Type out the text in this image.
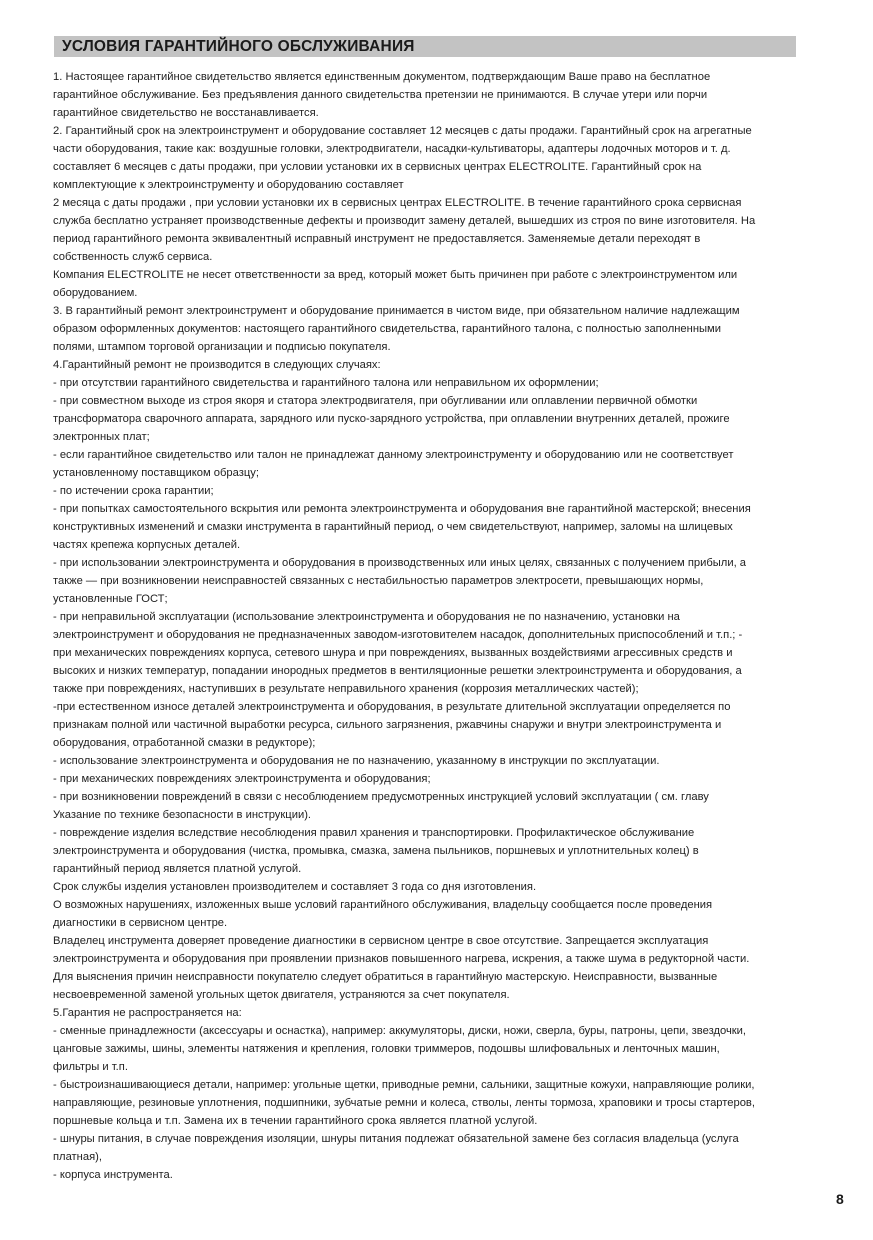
УСЛОВИЯ ГАРАНТИЙНОГО ОБСЛУЖИВАНИЯ
1. Настоящее гарантийное свидетельство является единственным документом, подтверждающим Ваше право на бесплатное
гарантийное обслуживание. Без предъявления данного свидетельства претензии не принимаются. В случае утери или порчи
гарантийное свидетельство не восстанавливается.
2. Гарантийный срок на электроинструмент и оборудование составляет 12 месяцев с даты продажи. Гарантийный срок на агрегатные
части оборудования, такие как: воздушные головки, электродвигатели, насадки-культиваторы, адаптеры лодочных моторов и т. д.
составляет 6 месяцев с даты продажи, при условии установки их в сервисных центрах ELECTROLITE. Гарантийный срок на
комплектующие к электроинструменту и оборудованию составляет
2 месяца с даты продажи , при условии установки их в сервисных центрах ELECTROLITE. В течение гарантийного срока сервисная
служба бесплатно устраняет производственные дефекты и производит замену деталей, вышедших из строя по вине изготовителя. На
период гарантийного ремонта эквивалентный исправный инструмент не предоставляется. Заменяемые детали переходят в
собственность служб сервиса.
Компания ELECTROLITE не несет ответственности за вред, который может быть причинен при работе с электроинструментом или
оборудованием.
3. В гарантийный ремонт электроинструмент и оборудование принимается в чистом виде, при обязательном наличие надлежащим
образом оформленных документов: настоящего гарантийного свидетельства, гарантийного талона, с полностью заполненными
полями, штампом торговой организации и подписью покупателя.
4.Гарантийный ремонт не производится в следующих случаях:
- при отсутствии гарантийного свидетельства и гарантийного талона или неправильном их оформлении;
- при совместном выходе из строя якоря и статора электродвигателя, при обугливании или оплавлении первичной обмотки
трансформатора сварочного аппарата, зарядного или пуско-зарядного устройства, при оплавлении внутренних деталей, прожиге
электронных плат;
- если гарантийное свидетельство или талон не принадлежат данному электроинструменту и оборудованию или не соответствует
установленному поставщиком образцу;
- по истечении срока гарантии;
- при попытках самостоятельного вскрытия или ремонта электроинструмента и оборудования вне гарантийной мастерской; внесения
конструктивных изменений и смазки инструмента в гарантийный период, о чем свидетельствуют, например, заломы на шлицевых
частях крепежа корпусных деталей.
- при использовании электроинструмента и оборудования в производственных или иных целях, связанных с получением прибыли, а
также — при возникновении неисправностей связанных с нестабильностью параметров электросети, превышающих нормы,
установленные ГОСТ;
- при неправильной эксплуатации (использование электроинструмента и оборудования не по назначению, установки на
электроинструмент и оборудования не предназначенных заводом-изготовителем насадок, дополнительных приспособлений и т.п.; -
при механических повреждениях корпуса, сетевого шнура и при повреждениях, вызванных воздействиями агрессивных средств и
высоких и низких температур, попадании инородных предметов в вентиляционные решетки электроинструмента и оборудования, а
также при повреждениях, наступивших в результате неправильного хранения (коррозия металлических частей);
-при естественном износе деталей электроинструмента и оборудования, в результате длительной эксплуатации определяется по
признакам полной или частичной выработки ресурса, сильного загрязнения, ржавчины снаружи и внутри электроинструмента и
оборудования, отработанной смазки в редукторе);
- использование электроинструмента и оборудования не по назначению, указанному в инструкции по эксплуатации.
- при механических повреждениях электроинструмента и оборудования;
- при возникновении повреждений в связи с несоблюдением предусмотренных инструкцией условий эксплуатации ( см. главу
Указание по технике безопасности в инструкции).
- повреждение изделия вследствие несоблюдения правил хранения и транспортировки. Профилактическое обслуживание
электроинструмента и оборудования (чистка, промывка, смазка, замена пыльников, поршневых и уплотнительных колец) в
гарантийный период является платной услугой.
Срок службы изделия установлен производителем и составляет 3 года со дня изготовления.
О возможных нарушениях, изложенных выше условий гарантийного обслуживания, владельцу сообщается после проведения
диагностики в сервисном центре.
Владелец инструмента доверяет проведение диагностики в сервисном центре в свое отсутствие. Запрещается эксплуатация
электроинструмента и оборудования при проявлении признаков повышенного нагрева, искрения, а также шума в редукторной части.
Для выяснения причин неисправности покупателю следует обратиться в гарантийную мастерскую. Неисправности, вызванные
несвоевременной заменой угольных щеток двигателя, устраняются за счет покупателя.
5.Гарантия не распространяется на:
- сменные принадлежности (аксессуары и оснастка), например: аккумуляторы, диски, ножи, сверла, буры, патроны, цепи, звездочки,
цанговые зажимы, шины, элементы натяжения и крепления, головки триммеров, подошвы шлифовальных и ленточных машин,
фильтры и т.п.
- быстроизнашивающиеся детали, например: угольные щетки, приводные ремни, сальники, защитные кожухи, направляющие ролики,
направляющие, резиновые уплотнения, подшипники, зубчатые ремни и колеса, стволы, ленты тормоза, храповики и тросы стартеров,
поршневые кольца и т.п. Замена их в течении гарантийного срока является платной услугой.
- шнуры питания, в случае повреждения изоляции, шнуры питания подлежат обязательной замене без согласия владельца (услуга
платная),
- корпуса инструмента.
8
